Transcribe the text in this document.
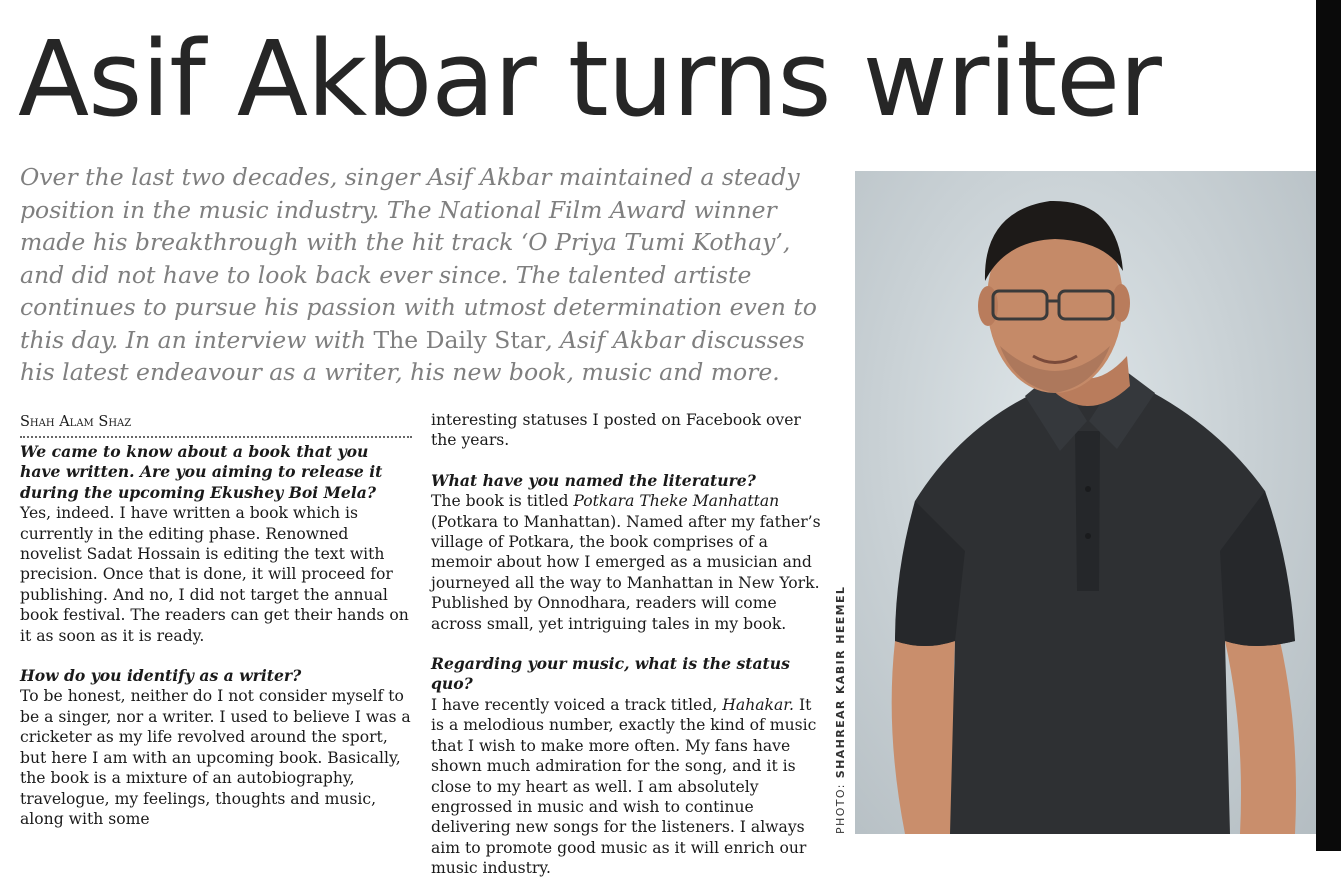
Asif Akbar turns writer

Over the last two decades, singer Asif Akbar maintained a steady position in the music industry. The National Film Award winner made his breakthrough with the hit track ‘O Priya Tumi Kothay’, and did not have to look back ever since. The talented artiste continues to pursue his passion with utmost determination even to this day. In an interview with The Daily Star, Asif Akbar discusses his latest endeavour as a writer, his new book, music and more.

PHOTO: SHAHREAR KABIR HEEMEL

Shah Alam Shaz

We came to know about a book that you have written. Are you aiming to release it during the upcoming Ekushey Boi Mela?

Yes, indeed. I have written a book which is currently in the editing phase. Renowned novelist Sadat Hossain is editing the text with precision. Once that is done, it will proceed for publishing. And no, I did not target the annual book festival. The readers can get their hands on it as soon as it is ready.

How do you identify as a writer?

To be honest, neither do I not consider myself to be a singer, nor a writer. I used to believe I was a cricketer as my life revolved around the sport, but here I am with an upcoming book. Basically, the book is a mixture of an autobiography, travelogue, my feelings, thoughts and music, along with some

interesting statuses I posted on Facebook over the years.

What have you named the literature?

The book is titled Potkara Theke Manhattan (Potkara to Manhattan). Named after my father’s village of Potkara, the book comprises of a memoir about how I emerged as a musician and journeyed all the way to Manhattan in New York. Published by Onnodhara, readers will come across small, yet intriguing tales in my book.

Regarding your music, what is the status quo?

I have recently voiced a track titled, Hahakar. It is a melodious number, exactly the kind of music that I wish to make more often. My fans have shown much admiration for the song, and it is close to my heart as well. I am absolutely engrossed in music and wish to continue delivering new songs for the listeners. I always aim to promote good music as it will enrich our music industry.
